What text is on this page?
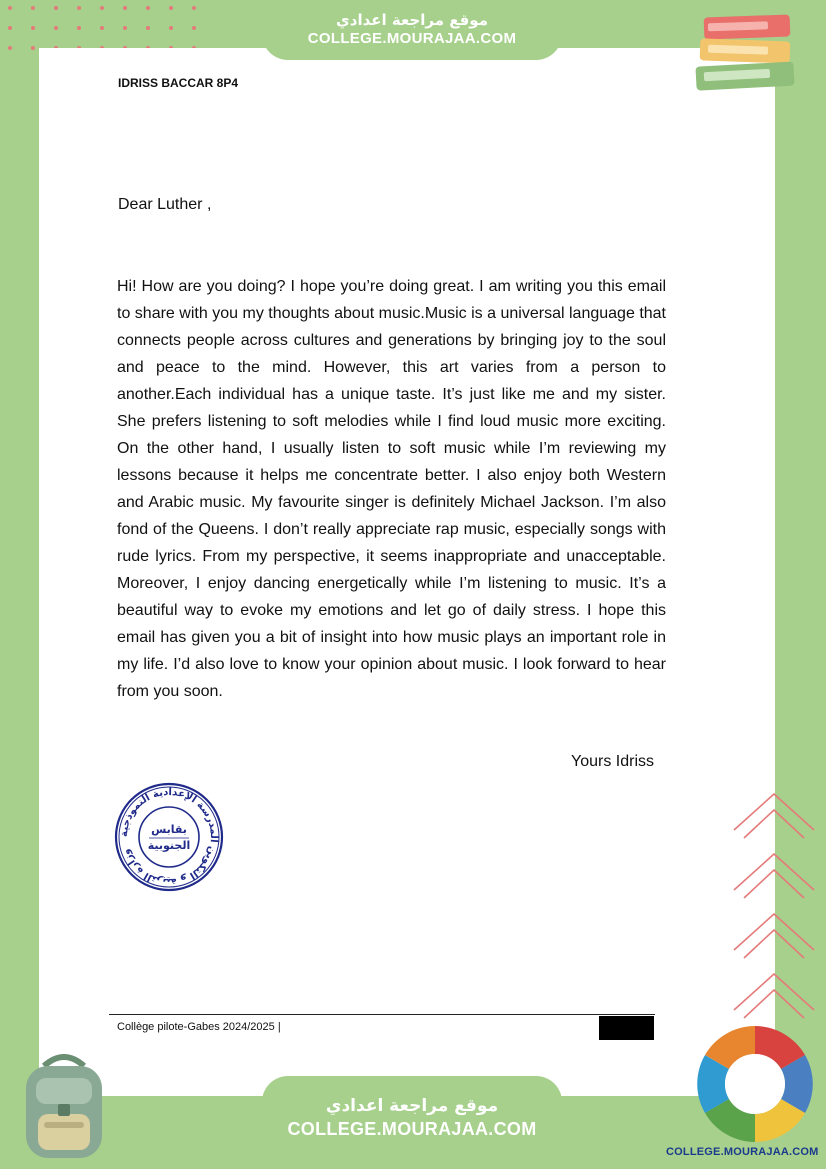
IDRISS BACCAR 8P4
Dear Luther ,
Hi! How are you doing? I hope you’re doing great. I am writing you this email to share with you my thoughts about music.Music is a universal language that connects people across cultures and generations by bringing joy to the soul and peace to the mind. However, this art varies from a person to another.Each individual has a unique taste. It’s just like me and my sister. She prefers listening to soft melodies while I find loud music more exciting. On the other hand, I usually listen to soft music while I’m reviewing my lessons because it helps me concentrate better. I also enjoy both Western and Arabic music. My favourite singer is definitely Michael Jackson. I’m also fond of the Queens. I don’t really appreciate rap music, especially songs with rude lyrics. From my perspective, it seems inappropriate and unacceptable. Moreover, I enjoy dancing energetically while I’m listening to music. It’s a beautiful way to evoke my emotions and let go of daily stress. I hope this email has given you a bit of insight into how music plays an important role in my life. I’d also love to know your opinion about music. I look forward to hear from you soon.
Yours Idriss
وزارة التربية و التكوين المدرسة الإعدادية النموذجية
بقابس
الجنوبية
Collège pilote-Gabes 2024/2025 |
موقع مراجعة اعدادي
COLLEGE.MOURAJAA.COM
موقع مراجعة اعدادي
COLLEGE.MOURAJAA.COM
COLLEGE.MOURAJAA.COM
